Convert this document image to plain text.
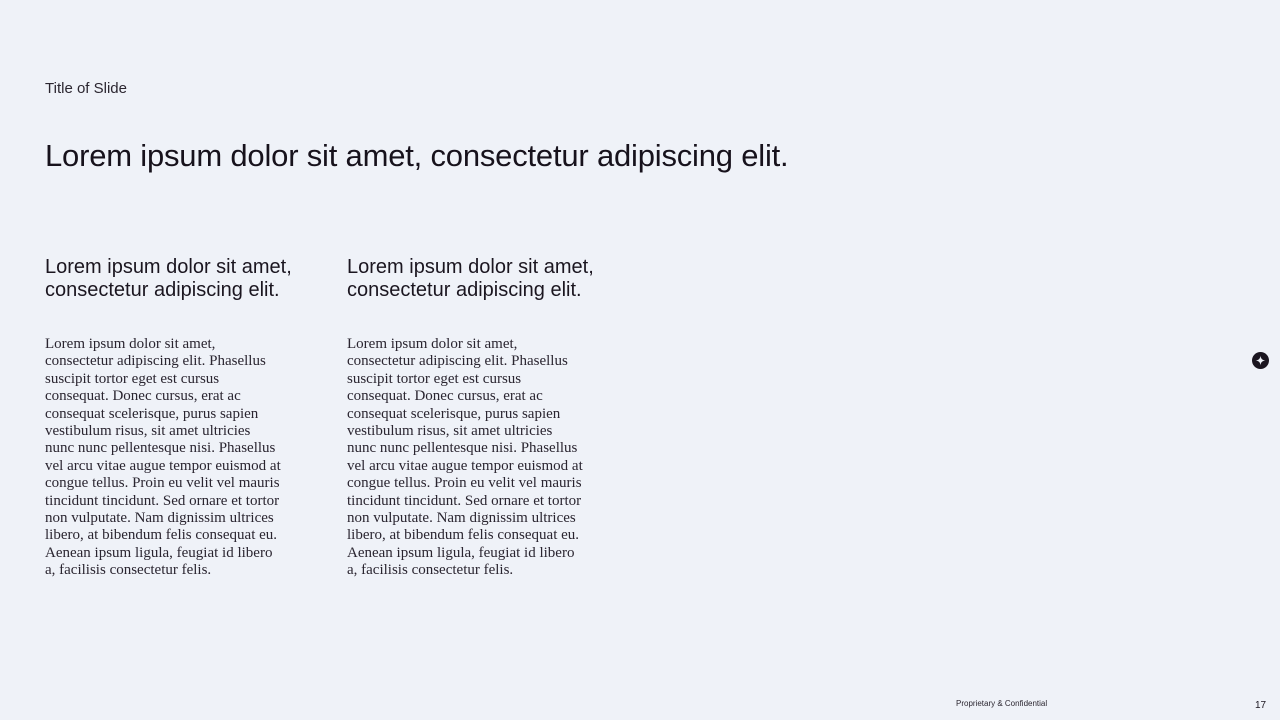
Title of Slide
Lorem ipsum dolor sit amet, consectetur adipiscing elit.
Lorem ipsum dolor sit amet,
consectetur adipiscing elit.

Lorem ipsum dolor sit amet,
consectetur adipiscing elit. Phasellus
suscipit tortor eget est cursus
consequat. Donec cursus, erat ac
consequat scelerisque, purus sapien
vestibulum risus, sit amet ultricies
nunc nunc pellentesque nisi. Phasellus
vel arcu vitae augue tempor euismod at
congue tellus. Proin eu velit vel mauris
tincidunt tincidunt. Sed ornare et tortor
non vulputate. Nam dignissim ultrices
libero, at bibendum felis consequat eu.
Aenean ipsum ligula, feugiat id libero
a, facilisis consectetur felis.

Lorem ipsum dolor sit amet,
consectetur adipiscing elit.

Lorem ipsum dolor sit amet,
consectetur adipiscing elit. Phasellus
suscipit tortor eget est cursus
consequat. Donec cursus, erat ac
consequat scelerisque, purus sapien
vestibulum risus, sit amet ultricies
nunc nunc pellentesque nisi. Phasellus
vel arcu vitae augue tempor euismod at
congue tellus. Proin eu velit vel mauris
tincidunt tincidunt. Sed ornare et tortor
non vulputate. Nam dignissim ultrices
libero, at bibendum felis consequat eu.
Aenean ipsum ligula, feugiat id libero
a, facilisis consectetur felis.

Proprietary & Confidential	17
